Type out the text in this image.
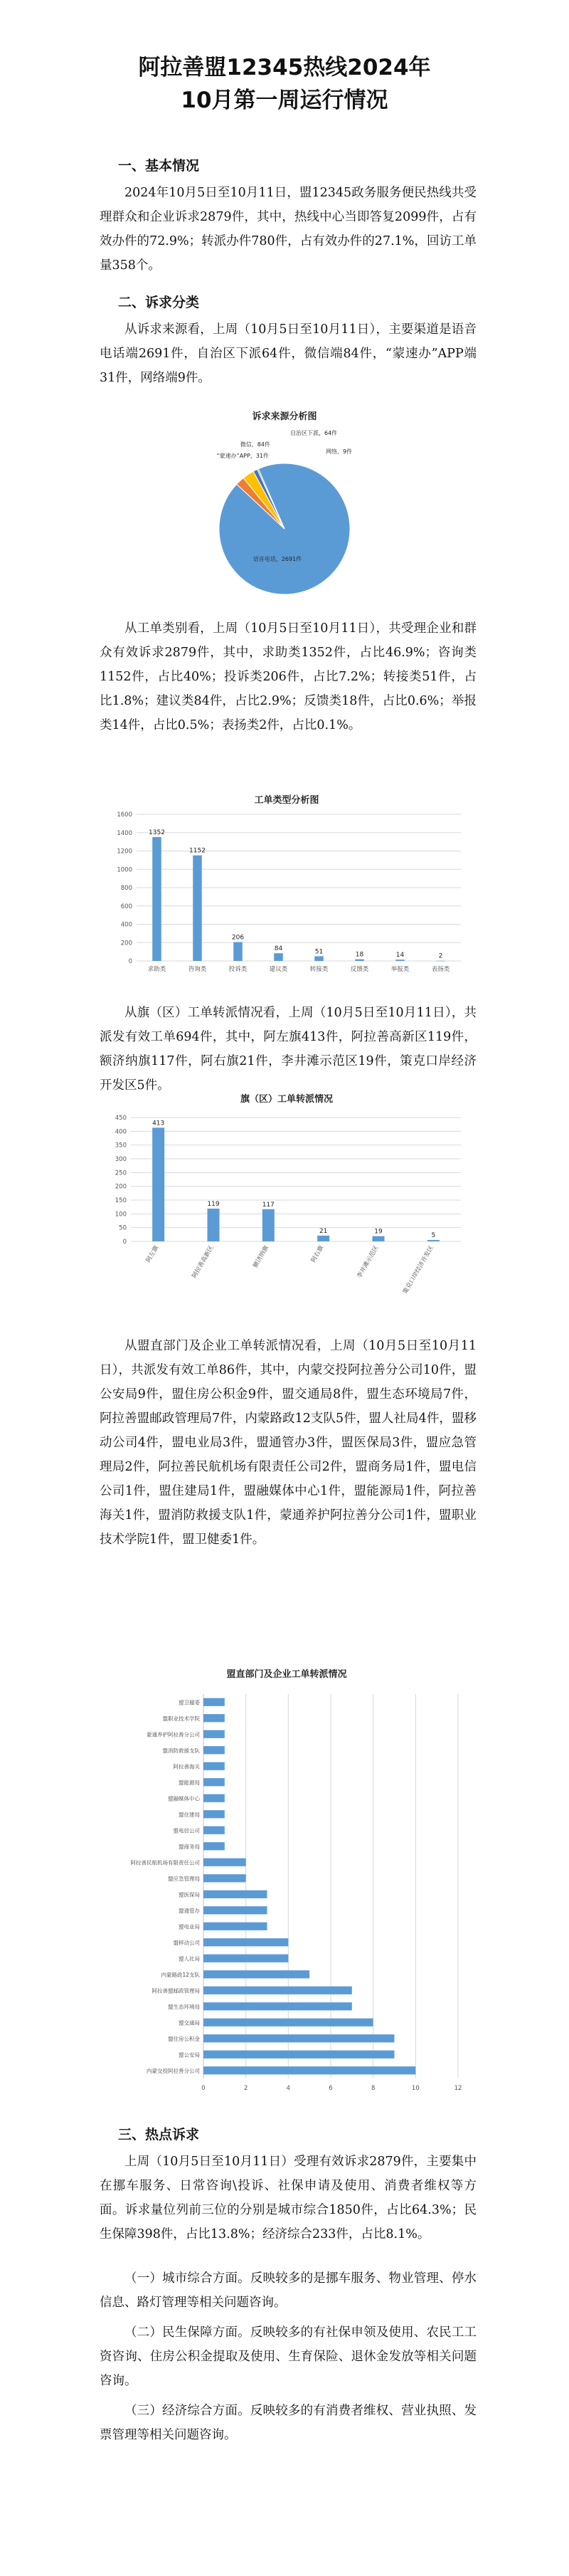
阿拉善盟12345热线2024年
10月第一周运行情况
一、基本情况

2024年10月5日至10月11日，盟12345政务服务便民热线共受理群众和企业诉求2879件，其中，热线中心当即答复2099件，占有效办件的72.9%；转派办件780件，占有效办件的27.1%，回访工单量358个。

二、诉求分类

从诉求来源看，上周（10月5日至10月11日），主要渠道是语音电话端2691件，自治区下派64件，微信端84件，“蒙速办”APP端31件，网络端9件。

诉求来源分析图
语音电话，2691件
自治区下派，64件
微信，84件
“蒙速办”APP，31件
网络，9件

从工单类别看，上周（10月5日至10月11日），共受理企业和群众有效诉求2879件，其中，求助类1352件，占比46.9%；咨询类1152件，占比40%；投诉类206件，占比7.2%；转接类51件，占比1.8%；建议类84件，占比2.9%；反馈类18件，占比0.6%；举报类14件，占比0.5%；表扬类2件，占比0.1%。

工单类型分析图
0
200
400
600
800
1000
1200
1400
1600
1352
求助类
1152
咨询类
206
投诉类
84
建议类
51
转接类
18
反馈类
14
举报类
2
表扬类

从旗（区）工单转派情况看，上周（10月5日至10月11日），共派发有效工单694件，其中，阿左旗413件，阿拉善高新区119件，额济纳旗117件，阿右旗21件，李井滩示范区19件，策克口岸经济开发区5件。

旗（区）工单转派情况
0
50
100
150
200
250
300
350
400
450
413
阿左旗
119
阿拉善高新区
117
额济纳旗
21
阿右旗
19
李井滩示范区
5
策克口岸经济开发区

从盟直部门及企业工单转派情况看，上周（10月5日至10月11日），共派发有效工单86件，其中，内蒙交投阿拉善分公司10件，盟公安局9件，盟住房公积金9件，盟交通局8件，盟生态环境局7件，阿拉善盟邮政管理局7件，内蒙路政12支队5件，盟人社局4件，盟移动公司4件，盟电业局3件，盟通管办3件，盟医保局3件，盟应急管理局2件，阿拉善民航机场有限责任公司2件，盟商务局1件，盟电信公司1件，盟住建局1件，盟融媒体中心1件，盟能源局1件，阿拉善海关1件，盟消防救援支队1件，蒙通养护阿拉善分公司1件，盟职业技术学院1件，盟卫健委1件。

盟直部门及企业工单转派情况
0	2	4	6	8	10	12
盟卫健委
盟职业技术学院
蒙通养护阿拉善分公司
盟消防救援支队
阿拉善海关
盟能源局
盟融媒体中心
盟住建局
盟电信公司
盟商务局
阿拉善民航机场有限责任公司
盟应急管理局
盟医保局
盟通管办
盟电业局
盟移动公司
盟人社局
内蒙路政12支队
阿拉善盟邮政管理局
盟生态环境局
盟交通局
盟住房公积金
盟公安局
内蒙交投阿拉善分公司
三、热点诉求

上周（10月5日至10月11日）受理有效诉求2879件，主要集中在挪车服务、日常咨询\投诉、社保申请及使用、消费者维权等方面。诉求量位列前三位的分别是城市综合1850件，占比64.3%；民生保障398件，占比13.8%；经济综合233件，占比8.1%。

（一）城市综合方面。反映较多的是挪车服务、物业管理、停水信息、路灯管理等相关问题咨询。

（二）民生保障方面。反映较多的有社保申领及使用、农民工工资咨询、住房公积金提取及使用、生育保险、退休金发放等相关问题咨询。

（三）经济综合方面。反映较多的有消费者维权、营业执照、发票管理等相关问题咨询。
